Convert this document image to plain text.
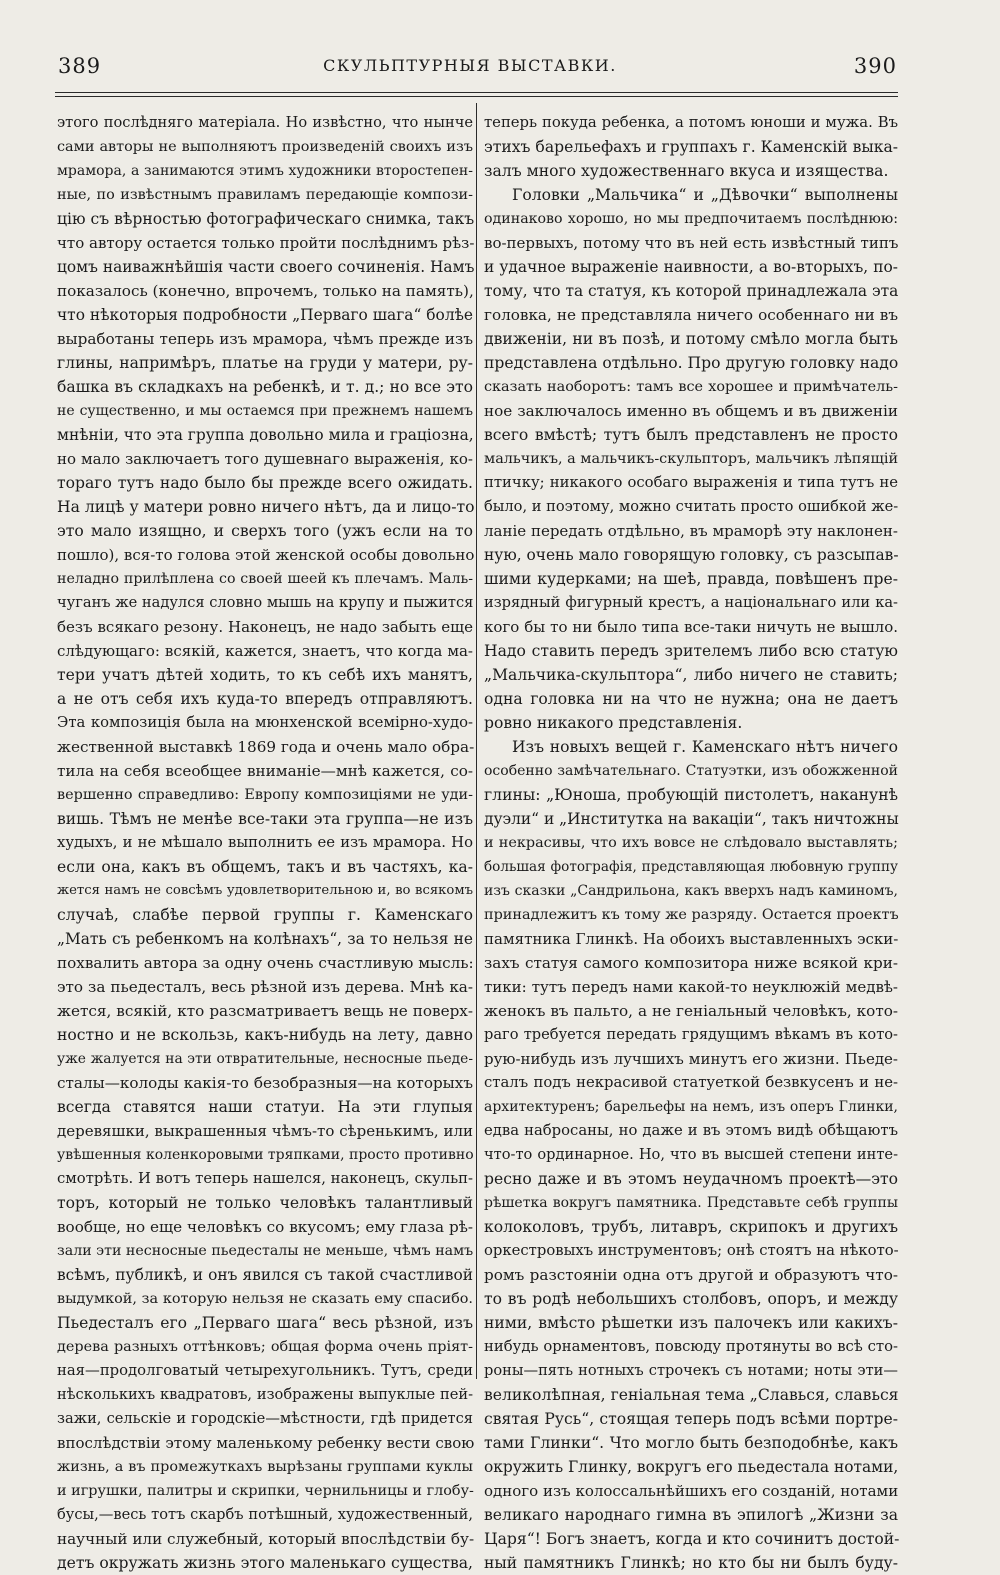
389	СКУЛЬПТУРНЫЯ ВЫСТАВКИ.	390
этого послѣдняго матеріала. Но извѣстно, что нынче
сами авторы не выполняютъ произведеній своихъ изъ
мрамора, а занимаются этимъ художники второстепен-
ные, по извѣстнымъ правиламъ передающіе компози-
цію съ вѣрностью фотографическаго снимка, такъ
что автору остается только пройти послѣднимъ рѣз-
цомъ наиважнѣйшія части своего сочиненія. Намъ
показалось (конечно, впрочемъ, только на память),
что нѣкоторыя подробности „Перваго шага“ болѣе
выработаны теперь изъ мрамора, чѣмъ прежде изъ
глины, напримѣръ, платье на груди у матери, ру-
башка въ складкахъ на ребенкѣ, и т. д.; но все это
не существенно, и мы остаемся при прежнемъ нашемъ
мнѣніи, что эта группа довольно мила и граціозна,
но мало заключаетъ того душевнаго выраженія, ко-
тораго тутъ надо было бы прежде всего ожидать.
На лицѣ у матери ровно ничего нѣтъ, да и лицо-то
это мало изящно, и сверхъ того (ужъ если на то
пошло), вся-то голова этой женской особы довольно
неладно прилѣплена со своей шеей къ плечамъ. Маль-
чуганъ же надулся словно мышь на крупу и пыжится
безъ всякаго резону. Наконецъ, не надо забыть еще
слѣдующаго: всякій, кажется, знаетъ, что когда ма-
тери учатъ дѣтей ходить, то къ себѣ ихъ манятъ,
а не отъ себя ихъ куда-то впередъ отправляютъ.
Эта композиція была на мюнхенской всемірно-худо-
жественной выставкѣ 1869 года и очень мало обра-
тила на себя всеобщее вниманіе—мнѣ кажется, со-
вершенно справедливо: Европу композиціями не уди-
вишь. Тѣмъ не менѣе все-таки эта группа—не изъ
худыхъ, и не мѣшало выполнить ее изъ мрамора. Но
если она, какъ въ общемъ, такъ и въ частяхъ, ка-
жется намъ не совсѣмъ удовлетворительною и, во всякомъ
случаѣ, слабѣе первой группы г. Каменскаго
„Мать съ ребенкомъ на колѣнахъ“, за то нельзя не
похвалить автора за одну очень счастливую мысль:
это за пьедесталъ, весь рѣзной изъ дерева. Мнѣ ка-
жется, всякій, кто разсматриваетъ вещь не поверх-
ностно и не вскользь, какъ-нибудь на лету, давно
уже жалуется на эти отвратительные, несносные пьеде-
сталы—колоды какія-то безобразныя—на которыхъ
всегда ставятся наши статуи. На эти глупыя
деревяшки, выкрашенныя чѣмъ-то сѣренькимъ, или
увѣшенныя коленкоровыми тряпками, просто противно
смотрѣть. И вотъ теперь нашелся, наконецъ, скульп-
торъ, который не только человѣкъ талантливый
вообще, но еще человѣкъ со вкусомъ; ему глаза рѣ-
зали эти несносные пьедесталы не меньше, чѣмъ намъ
всѣмъ, публикѣ, и онъ явился съ такой счастливой
выдумкой, за которую нельзя не сказать ему спасибо.
Пьедесталъ его „Перваго шага“ весь рѣзной, изъ
дерева разныхъ оттѣнковъ; общая форма очень пріят-
ная—продолговатый четырехугольникъ. Тутъ, среди
нѣсколькихъ квадратовъ, изображены выпуклые пей-
зажи, сельскіе и городскіе—мѣстности, гдѣ придется
впослѣдствіи этому маленькому ребенку вести свою
жизнь, а въ промежуткахъ вырѣзаны группами куклы
и игрушки, палитры и скрипки, чернильницы и глобу-
бусы,—весь тотъ скарбъ потѣшный, художественный,
научный или служебный, который впослѣдствіи бу-
детъ окружать жизнь этого маленькаго существа,
теперь покуда ребенка, а потомъ юноши и мужа. Въ
этихъ барельефахъ и группахъ г. Каменскій выка-
залъ много художественнаго вкуса и изящества.
Головки „Мальчика“ и „Дѣвочки“ выполнены
одинаково хорошо, но мы предпочитаемъ послѣднюю:
во-первыхъ, потому что въ ней есть извѣстный типъ
и удачное выраженіе наивности, а во-вторыхъ, по-
тому, что та статуя, къ которой принадлежала эта
головка, не представляла ничего особеннаго ни въ
движеніи, ни въ позѣ, и потому смѣло могла быть
представлена отдѣльно. Про другую головку надо
сказать наоборотъ: тамъ все хорошее и примѣчатель-
ное заключалось именно въ общемъ и въ движеніи
всего вмѣстѣ; тутъ былъ представленъ не просто
мальчикъ, а мальчикъ-скульпторъ, мальчикъ лѣпящій
птичку; никакого особаго выраженія и типа тутъ не
было, и поэтому, можно считать просто ошибкой же-
ланіе передать отдѣльно, въ мраморѣ эту наклонен-
ную, очень мало говорящую головку, съ разсыпав-
шими кудерками; на шеѣ, правда, повѣшенъ пре-
изрядный фигурный крестъ, а національнаго или ка-
кого бы то ни было типа все-таки ничуть не вышло.
Надо ставить передъ зрителемъ либо всю статую
„Мальчика-скульптора“, либо ничего не ставить;
одна головка ни на что не нужна; она не даетъ
ровно никакого представленія.
Изъ новыхъ вещей г. Каменскаго нѣтъ ничего
особенно замѣчательнаго. Статуэтки, изъ обожженной
глины: „Юноша, пробующій пистолетъ, наканунѣ
дуэли“ и „Институтка на вакаціи“, такъ ничтожны
и некрасивы, что ихъ вовсе не слѣдовало выставлять;
большая фотографія, представляющая любовную группу
изъ сказки „Сандрильона, какъ вверхъ надъ каминомъ,
принадлежитъ къ тому же разряду. Остается проектъ
памятника Глинкѣ. На обоихъ выставленныхъ эски-
захъ статуя самого композитора ниже всякой кри-
тики: тутъ передъ нами какой-то неуклюжій медвѣ-
женокъ въ пальто, а не геніальный человѣкъ, кото-
раго требуется передать грядущимъ вѣкамъ въ кото-
рую-нибудь изъ лучшихъ минутъ его жизни. Пьеде-
сталъ подъ некрасивой статуеткой безвкусенъ и не-
архитектуренъ; барельефы на немъ, изъ оперъ Глинки,
едва набросаны, но даже и въ этомъ видѣ обѣщаютъ
что-то ординарное. Но, что въ высшей степени инте-
ресно даже и въ этомъ неудачномъ проектѣ—это
рѣшетка вокругъ памятника. Представьте себѣ группы
колоколовъ, трубъ, литавръ, скрипокъ и другихъ
оркестровыхъ инструментовъ; онѣ стоятъ на нѣкото-
ромъ разстояніи одна отъ другой и образуютъ что-
то въ родѣ небольшихъ столбовъ, опоръ, и между
ними, вмѣсто рѣшетки изъ палочекъ или какихъ-
нибудь орнаментовъ, повсюду протянуты во всѣ сто-
роны—пять нотныхъ строчекъ съ нотами; ноты эти—
великолѣпная, геніальная тема „Славься, славься
святая Русь“, стоящая теперь подъ всѣми портре-
тами Глинки“. Что могло быть безподобнѣе, какъ
окружить Глинку, вокругъ его пьедестала нотами,
одного изъ колоссальнѣйшихъ его созданій, нотами
великаго народнаго гимна въ эпилогѣ „Жизни за
Царя“! Богъ знаетъ, когда и кто сочинитъ достой-
ный памятникъ Глинкѣ; но кто бы ни былъ буду-
